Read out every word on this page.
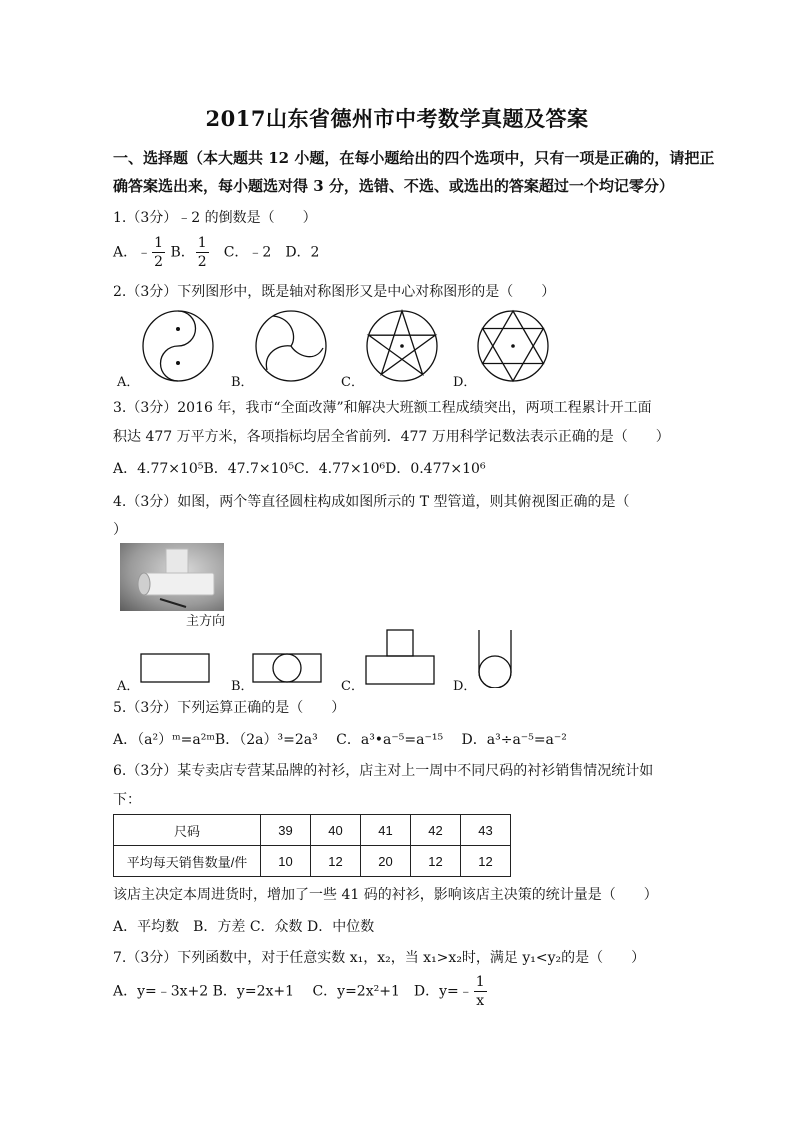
2017山东省德州市中考数学真题及答案
一、选择题（本大题共 12 小题，在每小题给出的四个选项中，只有一项是正确的，请把正
确答案选出来，每小题选对得 3 分，选错、不选、或选出的答案超过一个均记零分）
1.（3分）﹣2 的倒数是（　　）
A．﹣ $\frac{1}{2}$ B． $\frac{1}{2}$ 　C．﹣2　D．2
2.（3分）下列图形中，既是轴对称图形又是中心对称图形的是（　　）
A．	B．	C．	D．
3.（3分）2016 年，我市“全面改薄”和解决大班额工程成绩突出，两项工程累计开工面
积达 477 万平方米，各项指标均居全省前列．477 万用科学记数法表示正确的是（　　）
A．4.77×10⁵B．47.7×10⁵C．4.77×10⁶D．0.477×10⁶
4.（3分）如图，两个等直径圆柱构成如图所示的 T 型管道，则其俯视图正确的是（
）
主方向
A．	B．	C．	D．
5.（3分）下列运算正确的是（　　）
A．（a²）ᵐ=a²ᵐB．（2a）³=2a³　 C．a³•a⁻⁵=a⁻¹⁵　 D．a³÷a⁻⁵=a⁻²
6.（3分）某专卖店专营某品牌的衬衫，店主对上一周中不同尺码的衬衫销售情况统计如
下：
尺码	39	40	41	42	43
平均每天销售数量/件	10	12	20	12	12
该店主决定本周进货时，增加了一些 41 码的衬衫，影响该店主决策的统计量是（　　）
A．平均数　B．方差 C．众数 D．中位数
7.（3分）下列函数中，对于任意实数 x₁，x₂，当 x₁>x₂时，满足 y₁<y₂的是（　　）
A．y=﹣3x+2 B．y=2x+1　 C．y=2x²+1　D．y=﹣ $\frac{1}{x}$
